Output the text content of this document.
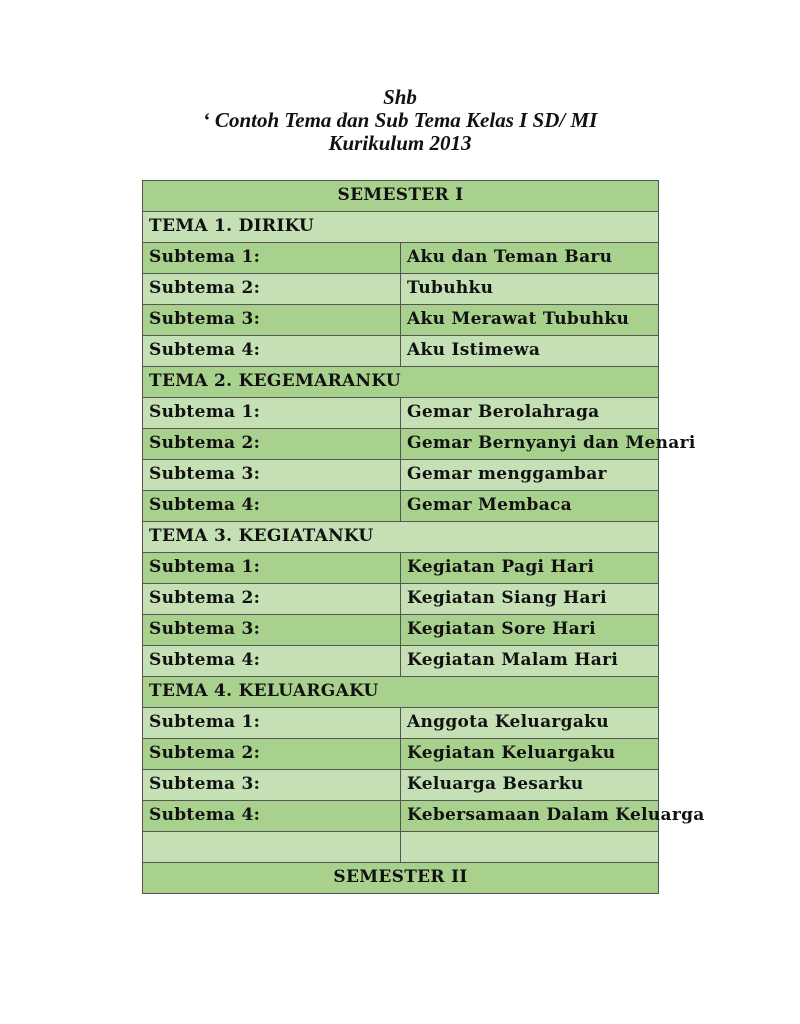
Shb
‘ Contoh Tema dan Sub Tema Kelas I SD/ MI
Kurikulum 2013
SEMESTER I	
TEMA 1. DIRIKU	
Subtema 1:	Aku dan Teman Baru
Subtema 2:	Tubuhku
Subtema 3:	Aku Merawat Tubuhku
Subtema 4:	Aku Istimewa
TEMA 2. KEGEMARANKU	
Subtema 1:	Gemar Berolahraga
Subtema 2:	Gemar Bernyanyi dan Menari
Subtema 3:	Gemar menggambar
Subtema 4:	Gemar Membaca
TEMA 3. KEGIATANKU	
Subtema 1:	Kegiatan Pagi Hari
Subtema 2:	Kegiatan Siang Hari
Subtema 3:	Kegiatan Sore Hari
Subtema 4:	Kegiatan Malam Hari
TEMA 4. KELUARGAKU	
Subtema 1:	Anggota Keluargaku
Subtema 2:	Kegiatan Keluargaku
Subtema 3:	Keluarga Besarku
Subtema 4:	Kebersamaan Dalam Keluarga

SEMESTER II	
